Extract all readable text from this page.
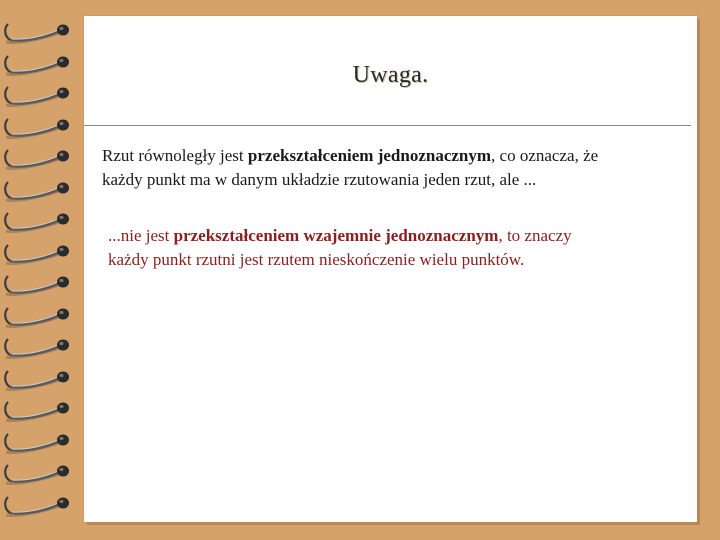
Uwaga.

Rzut równoległy jest przekształceniem jednoznacznym, co oznacza, że każdy punkt ma w danym układzie rzutowania jeden rzut, ale ...

...nie jest przekształceniem wzajemnie jednoznacznym, to znaczy każdy punkt rzutni jest rzutem nieskończenie wielu punktów.
